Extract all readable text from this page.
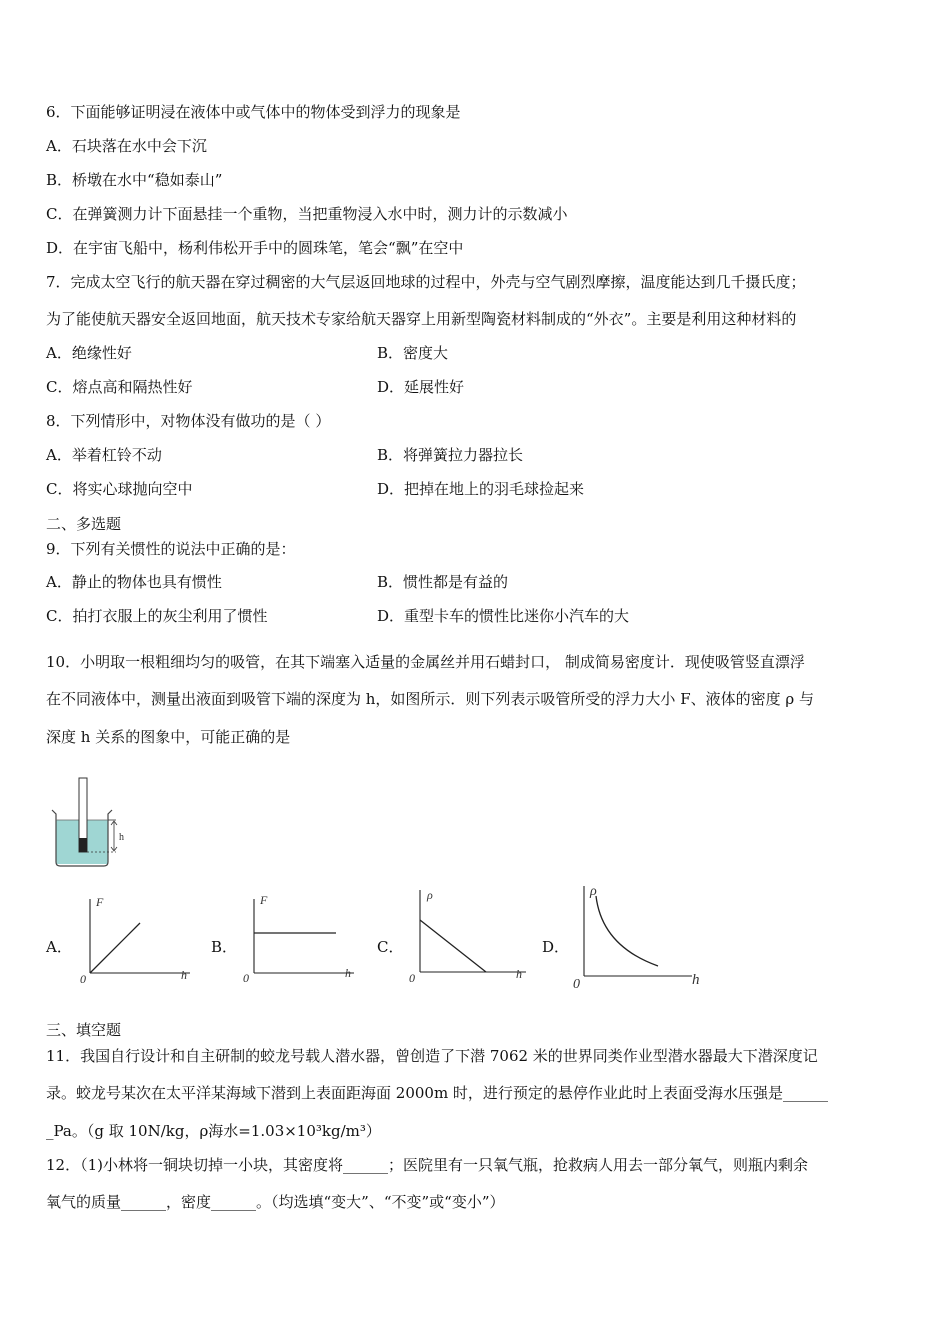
6．下面能够证明浸在液体中或气体中的物体受到浮力的现象是
A．石块落在水中会下沉
B．桥墩在水中“稳如泰山”
C．在弹簧测力计下面悬挂一个重物，当把重物浸入水中时，测力计的示数减小
D．在宇宙飞船中，杨利伟松开手中的圆珠笔，笔会“飘”在空中
7．完成太空飞行的航天器在穿过稠密的大气层返回地球的过程中，外壳与空气剧烈摩擦，温度能达到几千摄氏度；
为了能使航天器安全返回地面，航天技术专家给航天器穿上用新型陶瓷材料制成的“外衣”。主要是利用这种材料的
A．绝缘性好	B．密度大
C．熔点高和隔热性好	D．延展性好
8．下列情形中，对物体没有做功的是（ ）
A．举着杠铃不动	B．将弹簧拉力器拉长
C．将实心球抛向空中	D．把掉在地上的羽毛球捡起来
二、多选题
9．下列有关惯性的说法中正确的是：
A．静止的物体也具有惯性	B．惯性都是有益的
C．拍打衣服上的灰尘利用了惯性	D．重型卡车的惯性比迷你小汽车的大
10．小明取一根粗细均匀的吸管，在其下端塞入适量的金属丝并用石蜡封口， 制成简易密度计．现使吸管竖直漂浮
在不同液体中，测量出液面到吸管下端的深度为 h，如图所示．则下列表示吸管所受的浮力大小 F、液体的密度 ρ 与
深度 h 关系的图象中，可能正确的是
h
A．
F
h
0
B．
F
h
0
C．
ρ
h
0
D．
ρ
h
0
三、填空题
11．我国自行设计和自主研制的蛟龙号载人潜水器，曾创造了下潜 7062 米的世界同类作业型潜水器最大下潜深度记
录。蛟龙号某次在太平洋某海域下潜到上表面距海面 2000m 时，进行预定的悬停作业此时上表面受海水压强是______
_Pa。（g 取 10N/kg，ρ海水=1.03×10³kg/m³）
12．（1)小林将一铜块切掉一小块，其密度将______；医院里有一只氧气瓶，抢救病人用去一部分氧气，则瓶内剩余
氧气的质量______，密度______。（均选填“变大”、“不变”或“变小”）
